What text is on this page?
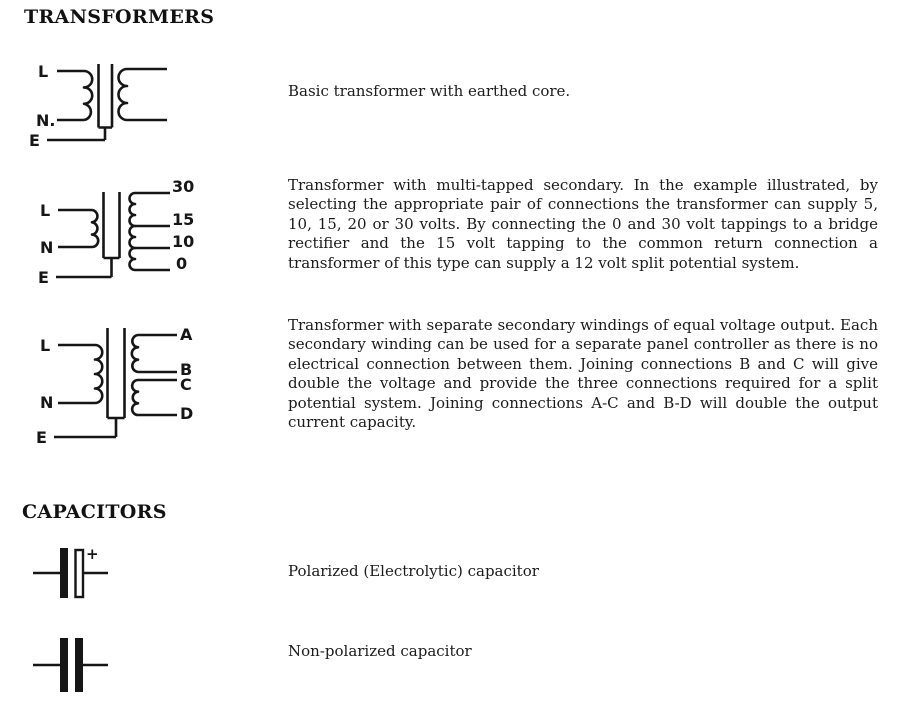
TRANSFORMERS
L
N.
E

Basic transformer with earthed core.

30
15
10
0
L
N
E

Transformer with multi-tapped secondary. In the example illustrated, by selecting the appropriate pair of connections the transformer can supply 5, 10, 15, 20 or 30 volts. By connecting the 0 and 30 volt tappings to a bridge rectifier and the 15 volt tapping to the common return connection a transformer of this type can supply a 12 volt split potential system.

A
B
C
D
L
N
E

Transformer with separate secondary windings of equal voltage output. Each secondary winding can be used for a separate panel controller as there is no electrical connection between them. Joining connections B and C will give double the voltage and provide the three connections required for a split potential system. Joining connections A-C and B-D will double the output current capacity.

CAPACITORS
+

Polarized (Electrolytic) capacitor

Non-polarized capacitor
